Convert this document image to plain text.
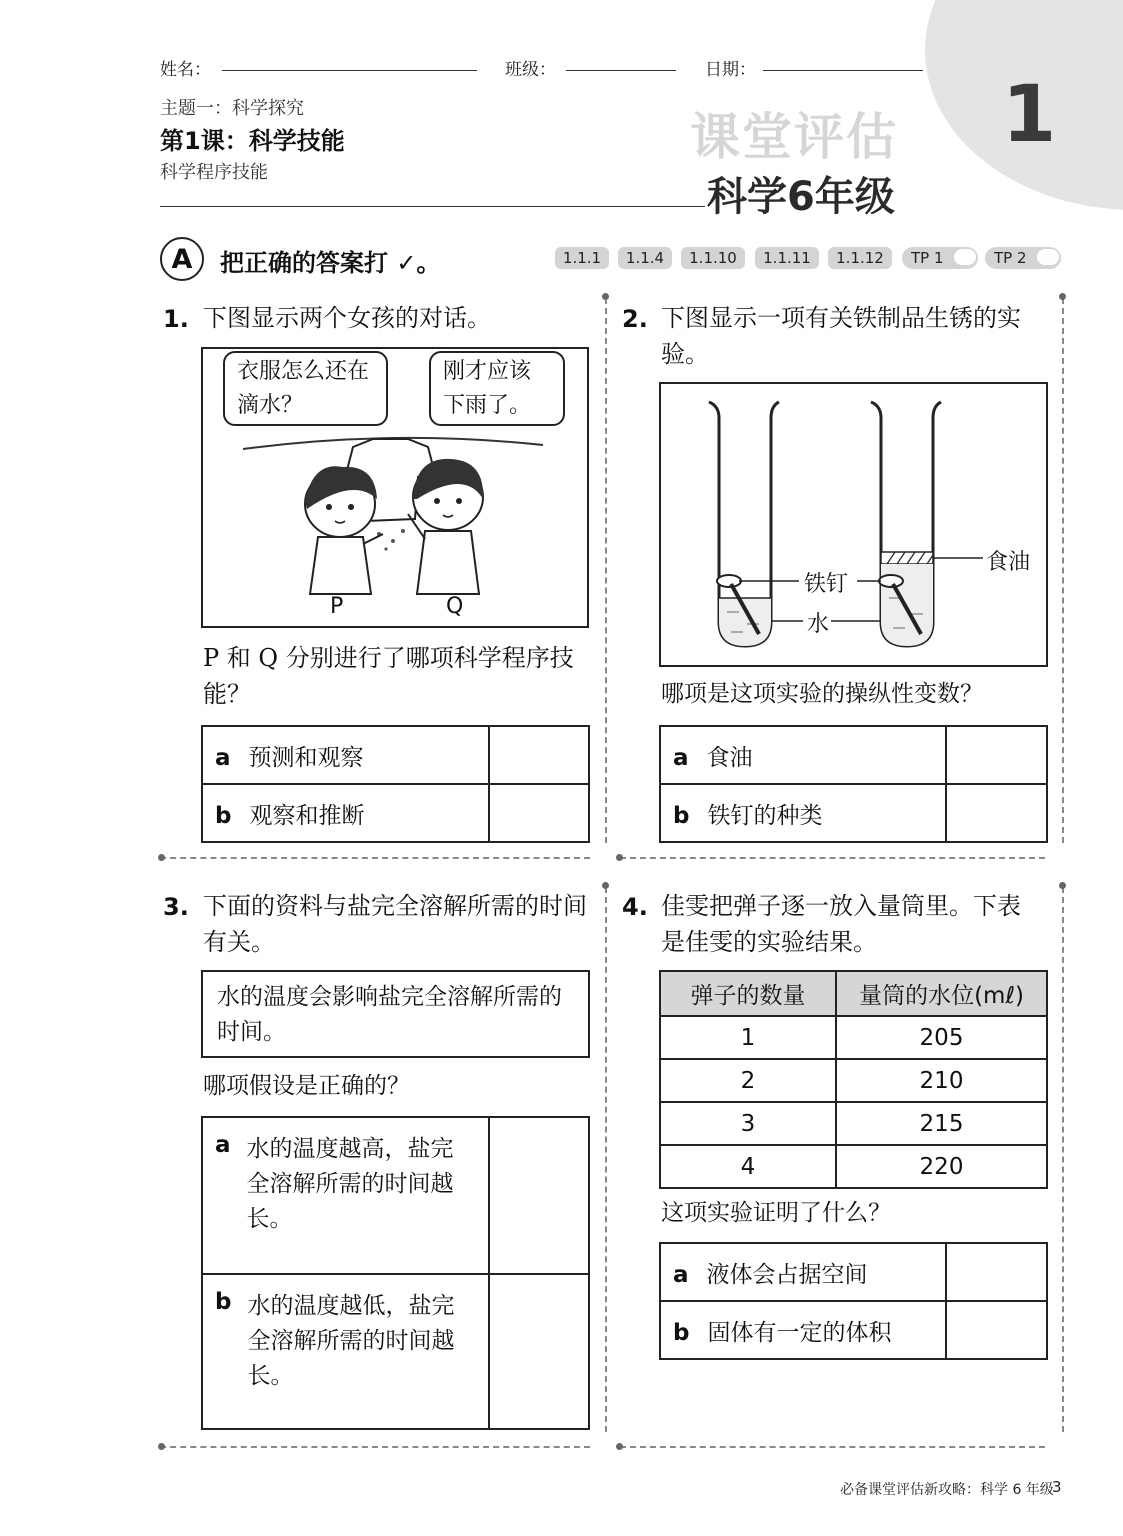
姓名：	班级：	日期：
主题一：科学探究
第1课：科学技能
科学程序技能
课堂评估
科学6年级
1
A	把正确的答案打 ✓。	1.1.1	1.1.4	1.1.10	1.1.11	1.1.12	TP 1	TP 2
1. 下图显示两个女孩的对话。
衣服怎么还在滴水？
刚才应该下雨了。
P	Q
P 和 Q 分别进行了哪项科学程序技能？
a 预测和观察	
b 观察和推断	
2. 下图显示一项有关铁制品生锈的实验。
铁钉
水
食油
哪项是这项实验的操纵性变数？
a 食油	
b 铁钉的种类	
3. 下面的资料与盐完全溶解所需的时间有关。
水的温度会影响盐完全溶解所需的时间。
哪项假设是正确的？
a 水的温度越高，盐完全溶解所需的时间越长。	

b 水的温度越低，盐完全溶解所需的时间越长。	

4. 佳雯把弹子逐一放入量筒里。下表是佳雯的实验结果。
弹子的数量	量筒的水位(mℓ)
1	205
2	210
3	215
4	220
这项实验证明了什么？
a 液体会占据空间	
b 固体有一定的体积	
必备课堂评估新攻略：科学 6 年级
3
